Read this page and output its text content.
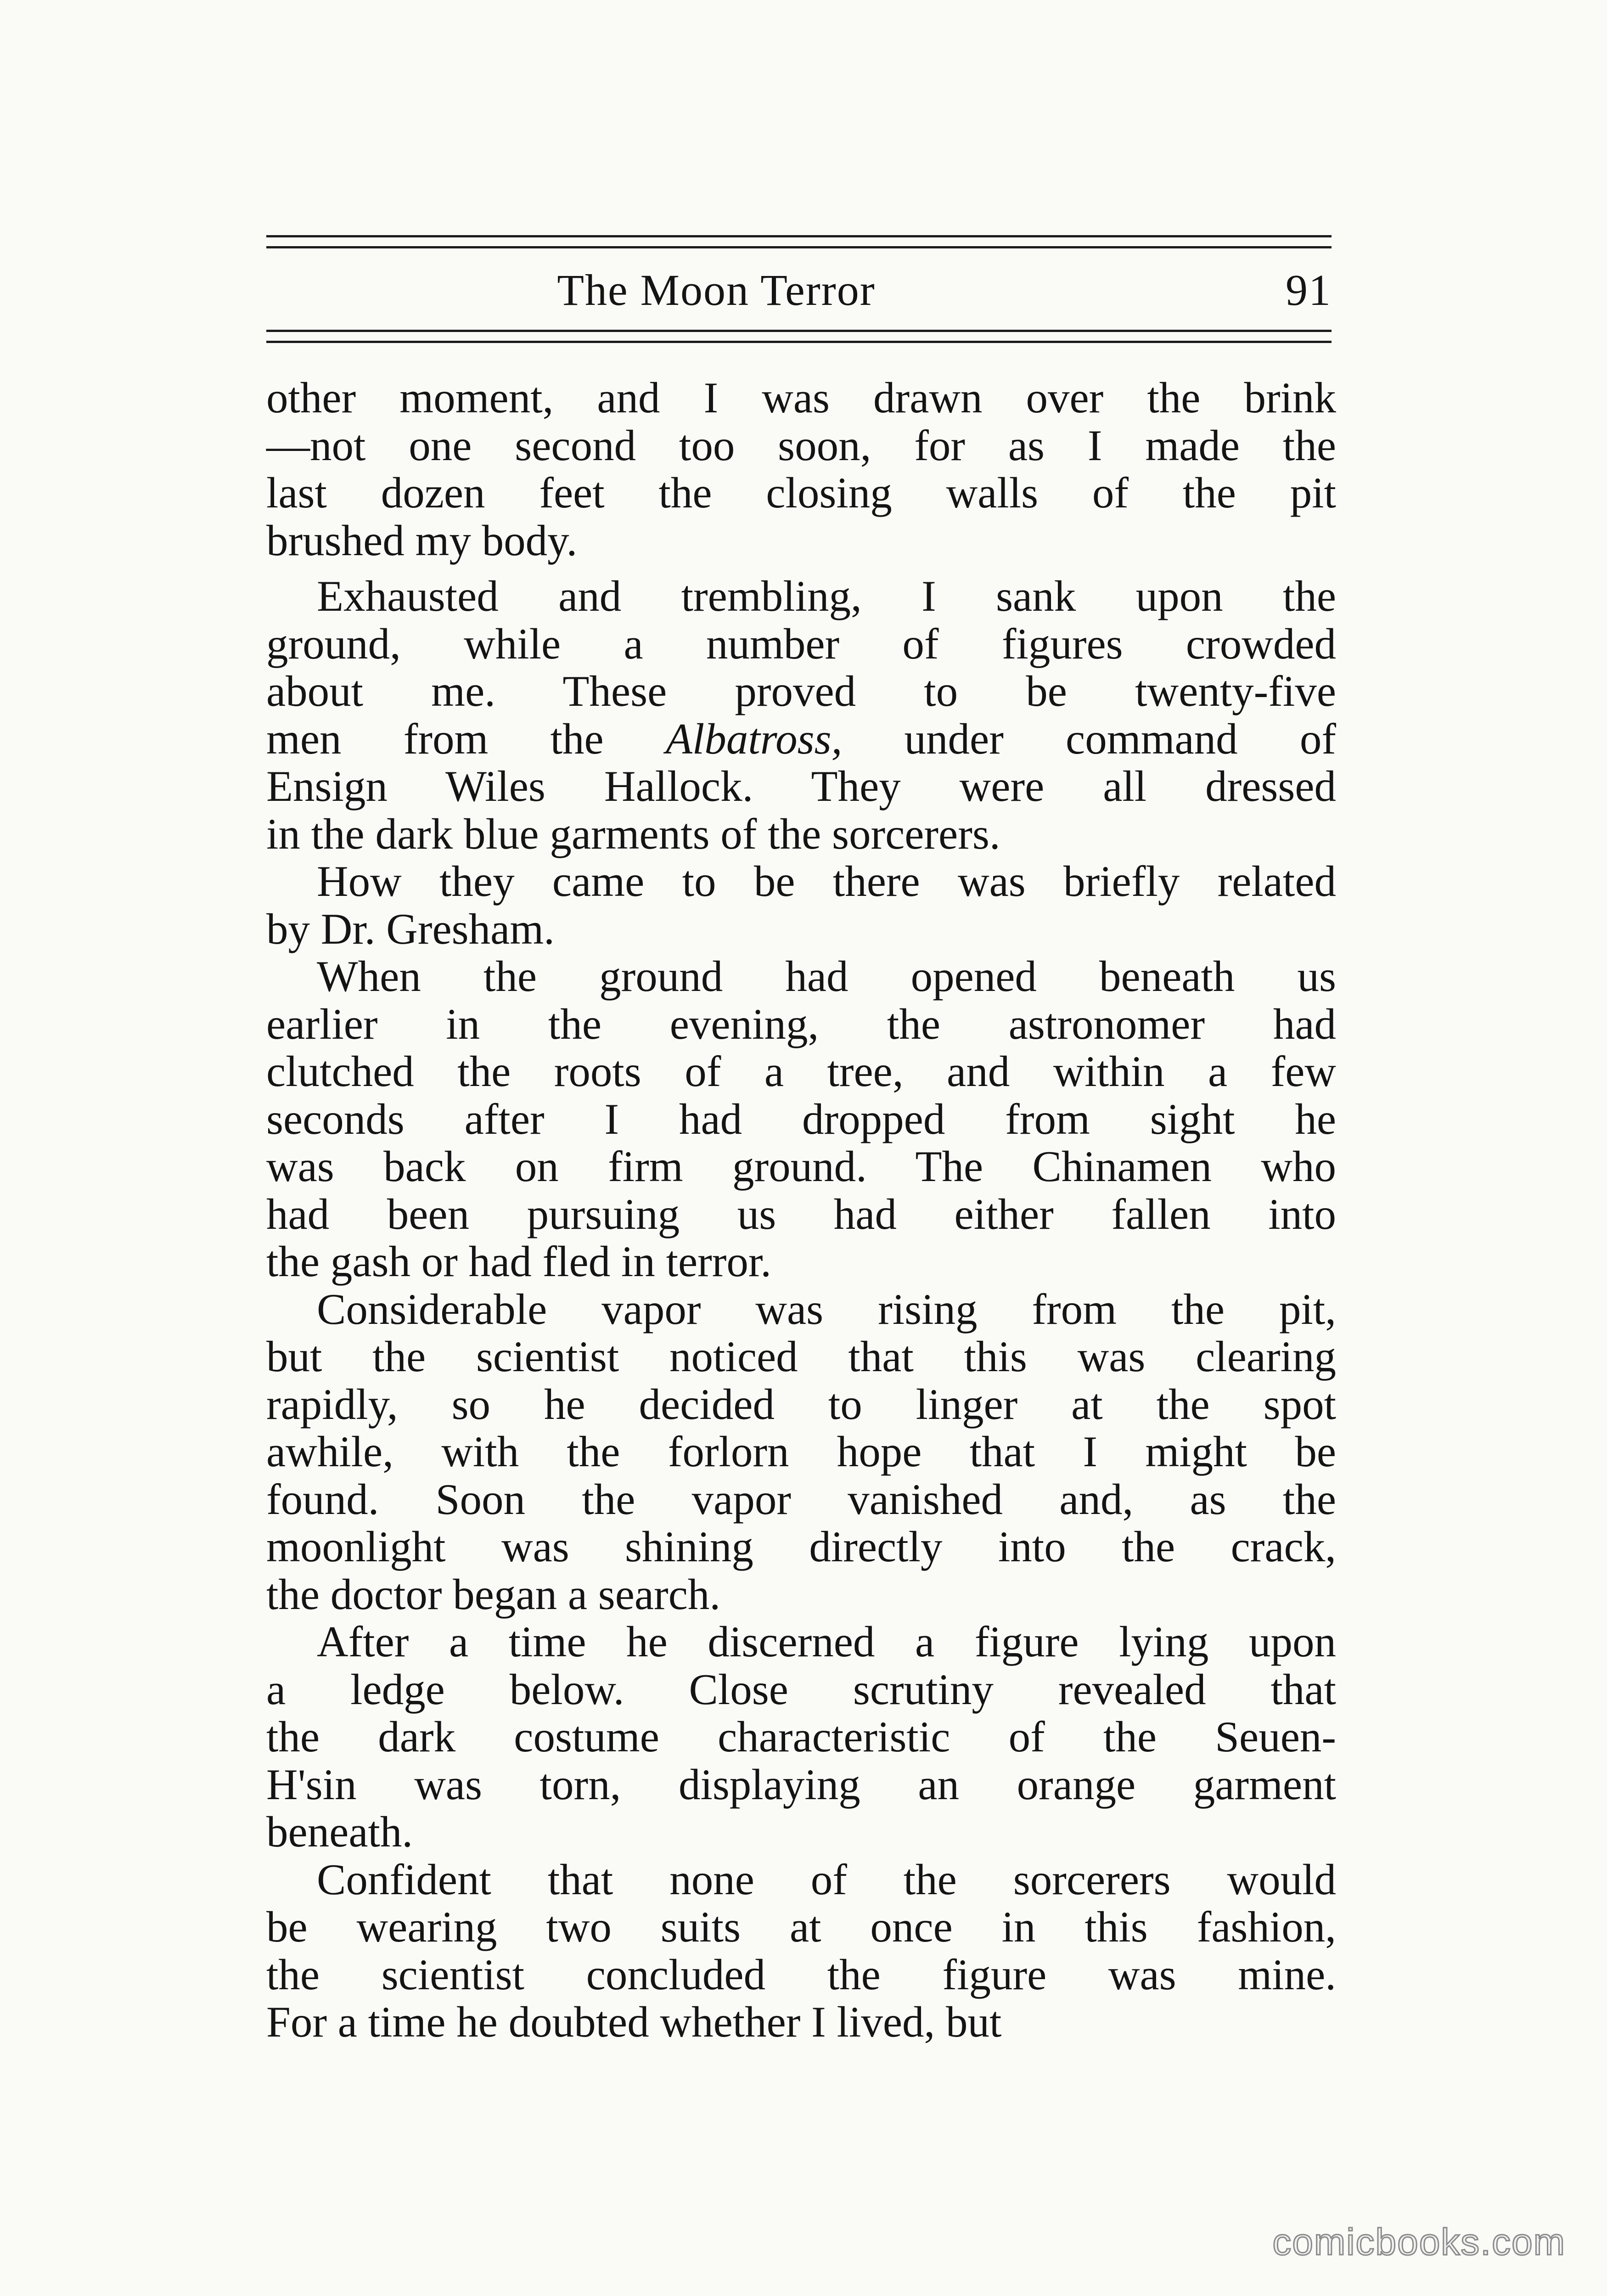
The Moon Terror	91
other moment, and I was drawn over the brink
—not one second too soon, for as I made the
last dozen feet the closing walls of the pit
brushed my body.
Exhausted and trembling, I sank upon the
ground, while a number of figures crowded
about me. These proved to be twenty-five
men from the Albatross, under command of
Ensign Wiles Hallock. They were all dressed
in the dark blue garments of the sorcerers.
How they came to be there was briefly related
by Dr. Gresham.
When the ground had opened beneath us
earlier in the evening, the astronomer had
clutched the roots of a tree, and within a few
seconds after I had dropped from sight he
was back on firm ground. The Chinamen who
had been pursuing us had either fallen into
the gash or had fled in terror.
Considerable vapor was rising from the pit,
but the scientist noticed that this was clearing
rapidly, so he decided to linger at the spot
awhile, with the forlorn hope that I might be
found. Soon the vapor vanished and, as the
moonlight was shining directly into the crack,
the doctor began a search.
After a time he discerned a figure lying upon
a ledge below. Close scrutiny revealed that
the dark costume characteristic of the Seuen-
H'sin was torn, displaying an orange garment
beneath.
Confident that none of the sorcerers would
be wearing two suits at once in this fashion,
the scientist concluded the figure was mine.
For a time he doubted whether I lived, but
comicbooks.com
